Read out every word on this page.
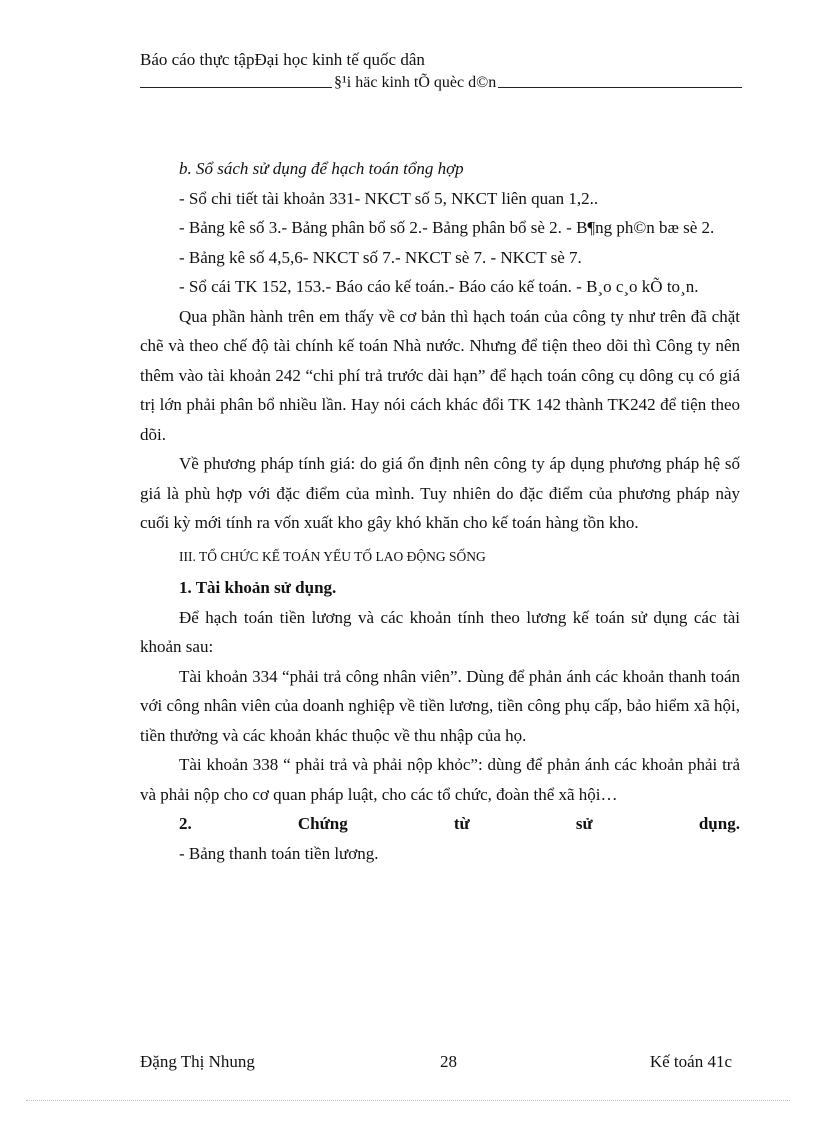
Báo cáo thực tậpĐại học kinh tế quốc dân
§¹i häc kinh tÕ quèc d©n

b. Sổ sách sử dụng để hạch toán tổng hợp

- Sổ chi tiết tài khoản 331- NKCT số 5, NKCT liên quan 1,2..

- Bảng kê số 3.- Bảng phân bổ số 2.- Bảng phân bổ sè 2. - B¶ng ph©n bæ sè 2.

- Bảng kê số 4,5,6- NKCT số 7.- NKCT sè 7. - NKCT sè 7.

- Sổ cái TK 152, 153.- Báo cáo kế toán.- Báo cáo kế toán. - B¸o c¸o kÕ to¸n.

Qua phần hành trên em thấy về cơ bản thì hạch toán của công ty như trên đã chặt chẽ và theo chế độ tài chính kế toán Nhà nước. Nhưng để tiện theo dõi thì Công ty nên thêm vào tài khoản 242 “chi phí trả trước dài hạn” để hạch toán công cụ dông cụ có giá trị lớn phải phân bổ nhiều lần. Hay nói cách khác đổi TK 142 thành TK242 để tiện theo dõi.

Về phương pháp tính giá: do giá ổn định nên công ty áp dụng phương pháp hệ số giá là phù hợp với đặc điểm của mình. Tuy nhiên do đặc điểm của phương pháp này cuối kỳ mới tính ra vốn xuất kho gây khó khăn cho kế toán hàng tồn kho.

III. TỔ CHỨC KẾ TOÁN YẾU TỐ LAO ĐỘNG SỐNG

1. Tài khoản sử dụng.

Để hạch toán tiền lương và các khoản tính theo lương kế toán sử dụng các tài khoản sau:

Tài khoản 334 “phải trả công nhân viên”. Dùng để phản ánh các khoản thanh toán với công nhân viên của doanh nghiệp về tiền lương, tiền công phụ cấp, bảo hiểm xã hội, tiền thưởng và các khoản khác thuộc về thu nhập của họ.

Tài khoản 338 “ phải trả và phải nộp khỏc”: dùng để phản ánh các khoản phải trả và phải nộp cho cơ quan pháp luật, cho các tổ chức, đoàn thể xã hội…

2.	Chứng	từ	sử	dụng.

- Bảng thanh toán tiền lương.

Đặng Thị Nhung	28	Kế toán 41c
